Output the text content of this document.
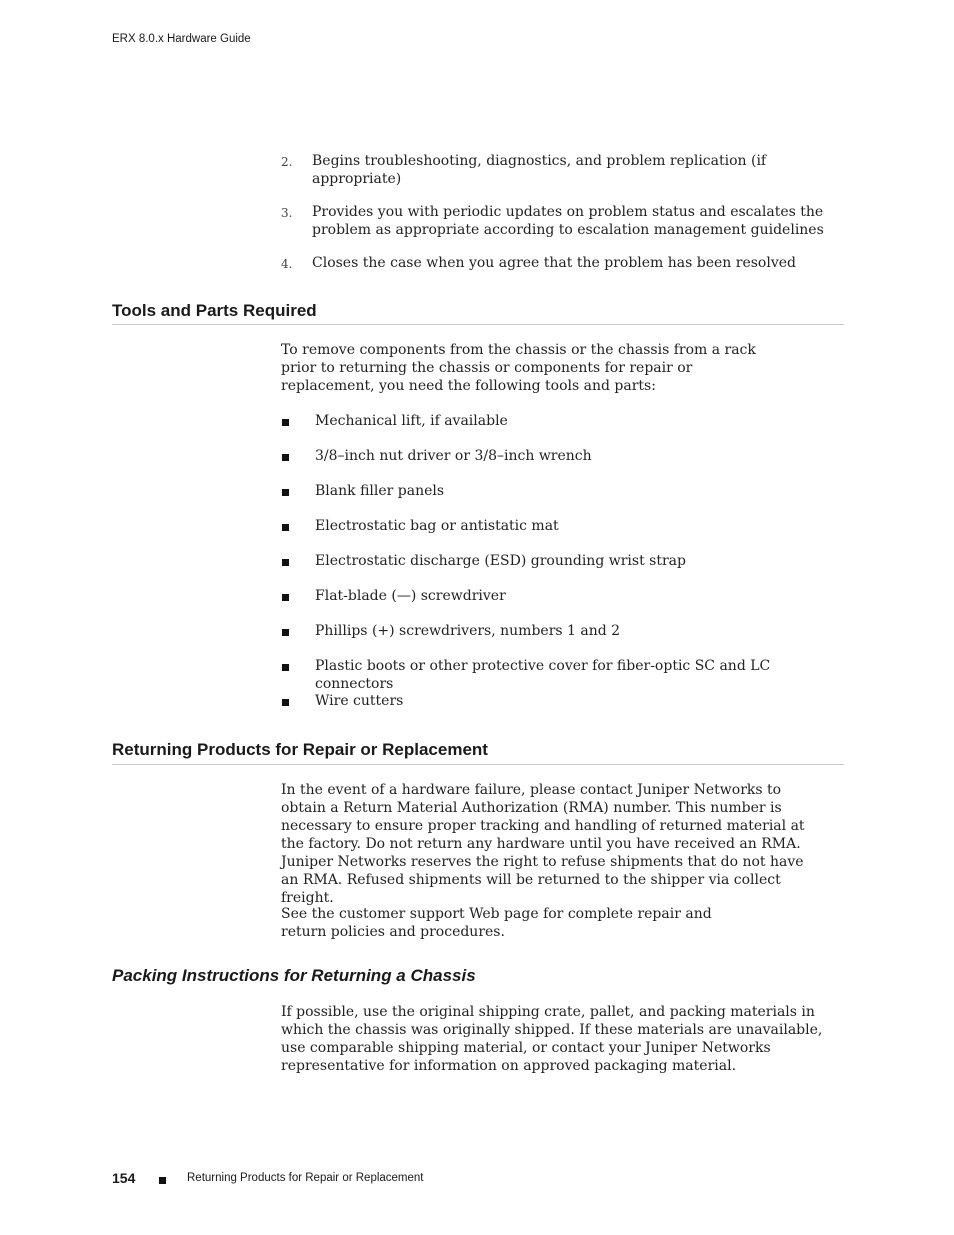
ERX 8.0.x Hardware Guide
2. Begins troubleshooting, diagnostics, and problem replication (if appropriate)
3. Provides you with periodic updates on problem status and escalates the problem as appropriate according to escalation management guidelines
4. Closes the case when you agree that the problem has been resolved
Tools and Parts Required

To remove components from the chassis or the chassis from a rack prior to returning the chassis or components for repair or replacement, you need the following tools and parts:

Mechanical lift, if available
3/8–inch nut driver or 3/8–inch wrench
Blank filler panels
Electrostatic bag or antistatic mat
Electrostatic discharge (ESD) grounding wrist strap
Flat-blade (—) screwdriver
Phillips (+) screwdrivers, numbers 1 and 2
Plastic boots or other protective cover for fiber-optic SC and LC connectors
Wire cutters
Returning Products for Repair or Replacement

In the event of a hardware failure, please contact Juniper Networks to obtain a Return Material Authorization (RMA) number. This number is necessary to ensure proper tracking and handling of returned material at the factory. Do not return any hardware until you have received an RMA. Juniper Networks reserves the right to refuse shipments that do not have an RMA. Refused shipments will be returned to the shipper via collect freight.

See the customer support Web page for complete repair and return policies and procedures.

Packing Instructions for Returning a Chassis

If possible, use the original shipping crate, pallet, and packing materials in which the chassis was originally shipped. If these materials are unavailable, use comparable shipping material, or contact your Juniper Networks representative for information on approved packaging material.

154	Returning Products for Repair or Replacement
